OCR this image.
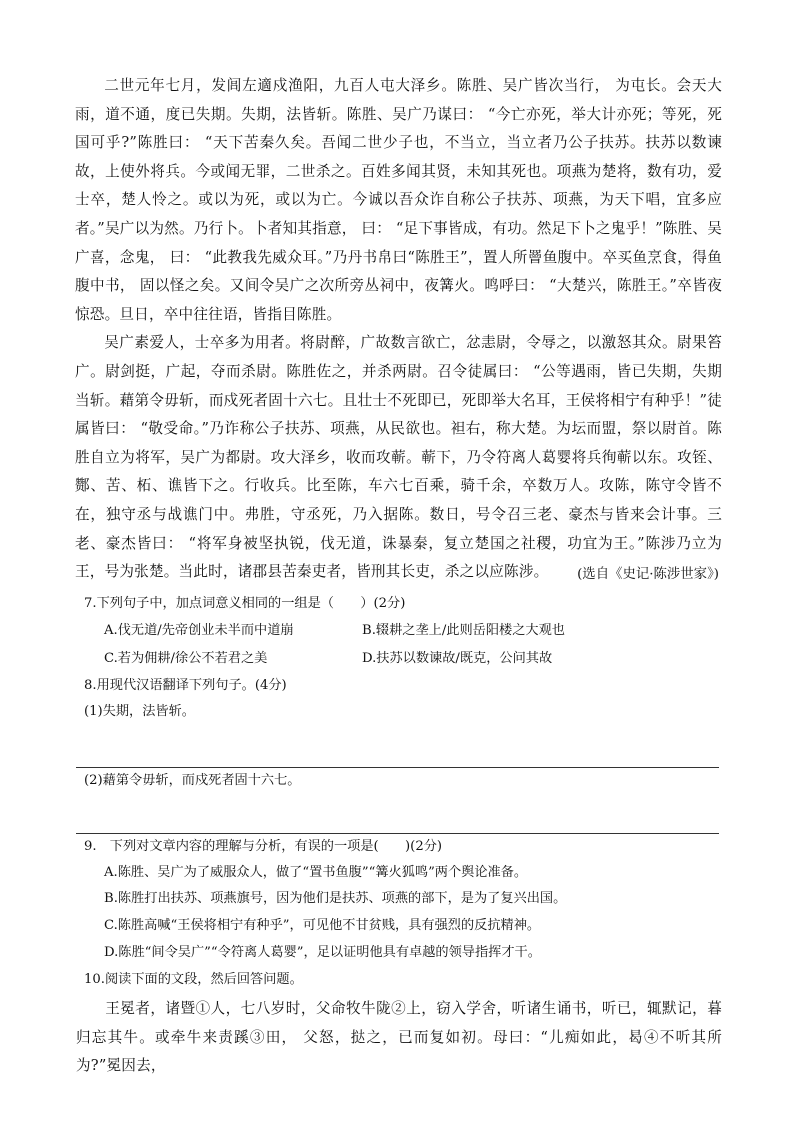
二世元年七月，发闾左適戍渔阳，九百人屯大泽乡。陈胜、吴广皆次当行， 为屯长。会天大雨，道不通，度已失期。失期，法皆斩。陈胜、吴广乃谋曰： “今亡亦死，举大计亦死；等死，死国可乎?”陈胜曰： “天下苦秦久矣。吾闻二世少子也，不当立，当立者乃公子扶苏。扶苏以数谏故，上使外将兵。今或闻无罪，二世杀之。百姓多闻其贤，未知其死也。项燕为楚将，数有功，爱士卒，楚人怜之。或以为死，或以为亡。今诚以吾众诈自称公子扶苏、项燕，为天下唱，宜多应者。”吴广以为然。乃行卜。卜者知其指意， 曰： “足下事皆成，有功。然足下卜之鬼乎！”陈胜、吴广喜，念鬼， 曰： “此教我先威众耳。”乃丹书帛曰“陈胜王”，置人所罾鱼腹中。卒买鱼烹食，得鱼腹中书， 固以怪之矣。又间令吴广之次所旁丛祠中，夜篝火。鸣呼曰： “大楚兴，陈胜王。”卒皆夜惊恐。旦日，卒中往往语，皆指目陈胜。

吴广素爱人，士卒多为用者。将尉醉，广故数言欲亡，忿恚尉，令辱之，以激怒其众。尉果笞广。尉剑挺，广起，夺而杀尉。陈胜佐之，并杀两尉。召令徒属曰： “公等遇雨，皆已失期，失期当斩。藉第令毋斩，而戍死者固十六七。且壮士不死即已，死即举大名耳，王侯将相宁有种乎！”徒属皆曰： “敬受命。”乃诈称公子扶苏、项燕，从民欲也。袒右，称大楚。为坛而盟，祭以尉首。陈胜自立为将军，吴广为都尉。攻大泽乡，收而攻蕲。蕲下，乃令符离人葛婴将兵徇蕲以东。攻铚、酂、苦、柘、谯皆下之。行收兵。比至陈，车六七百乘，骑千余，卒数万人。攻陈，陈守令皆不在，独守丞与战谯门中。弗胜，守丞死，乃入据陈。数日，号令召三老、豪杰与皆来会计事。三老、豪杰皆曰： “将军身被坚执锐，伐无道，诛暴秦，复立楚国之社稷，功宜为王。”陈涉乃立为王，号为张楚。当此时，诸郡县苦秦吏者，皆刑其长吏，杀之以应陈涉。	(选自《史记·陈涉世家》)
7.下列句子中，加点词意义相同的一组是（　　）(2分)
A.伐无道/先帝创业未半而中道崩	B.辍耕之垄上/此则岳阳楼之大观也
C.若为佣耕/徐公不若君之美	D.扶苏以数谏故/既克，公问其故
8.用现代汉语翻译下列句子。(4分)
(1)失期，法皆斩。
(2)藉第令毋斩，而戍死者固十六七。
9.　下列对文章内容的理解与分析，有误的一项是(　　)(2分)
A.陈胜、吴广为了威服众人，做了“置书鱼腹”“篝火狐鸣”两个舆论准备。
B.陈胜打出扶苏、项燕旗号，因为他们是扶苏、项燕的部下，是为了复兴出国。
C.陈胜高喊“王侯将相宁有种乎”，可见他不甘贫贱，具有强烈的反抗精神。
D.陈胜“间令吴广”“令符离人葛婴”，足以证明他具有卓越的领导指挥才干。
10.阅读下面的文段，然后回答问题。

王冕者，诸暨①人，七八岁时，父命牧牛陇②上，窃入学舍，听诸生诵书，听已，辄默记，暮归忘其牛。或牵牛来责蹊③田， 父怒，挞之，已而复如初。母曰：“儿痴如此，曷④不听其所为?”冕因去，
